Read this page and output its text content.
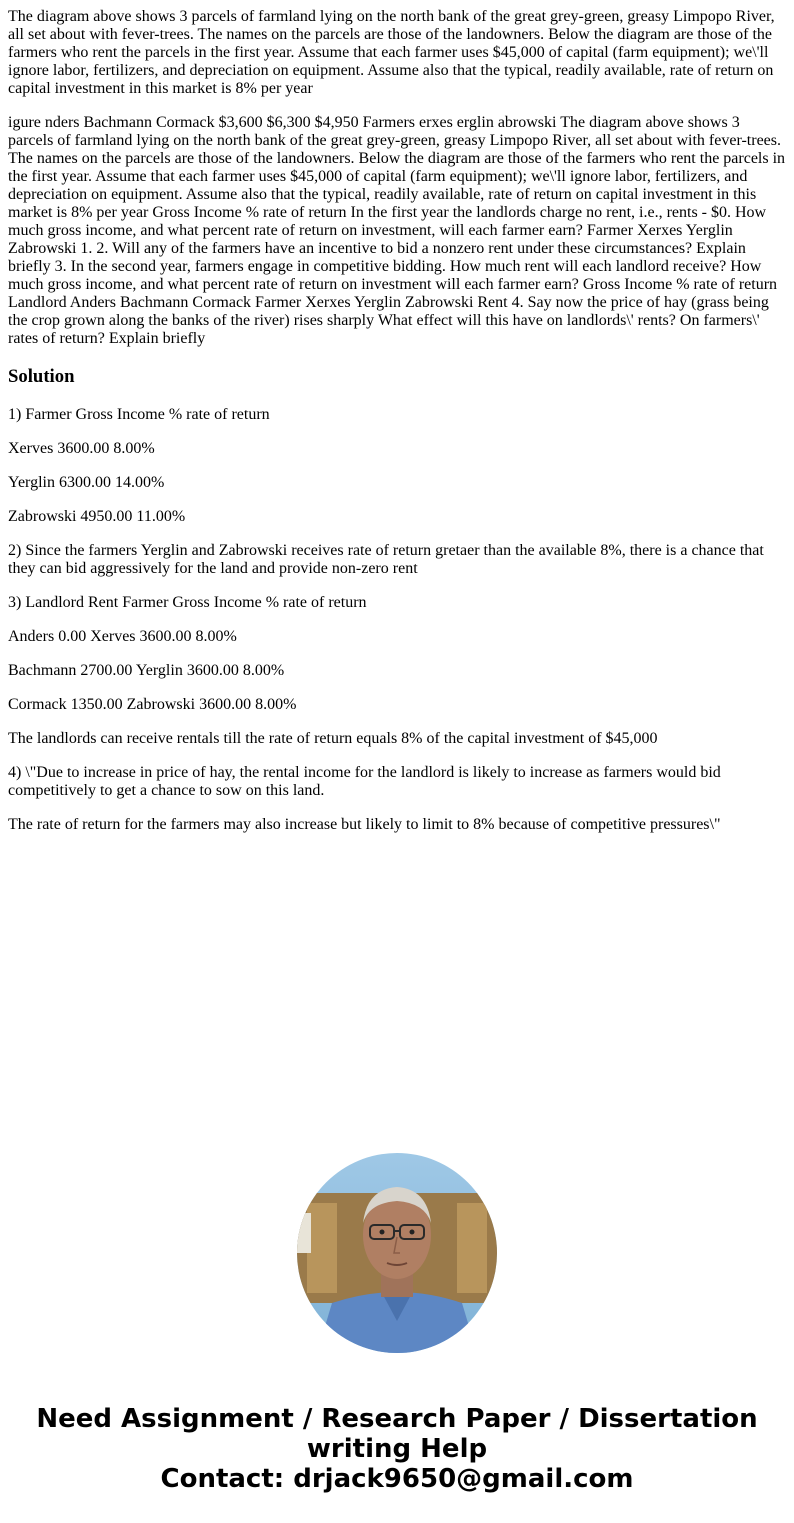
The diagram above shows 3 parcels of farmland lying on the north bank of the great grey-green, greasy Limpopo River, all set about with fever-trees. The names on the parcels are those of the landowners. Below the diagram are those of the farmers who rent the parcels in the first year. Assume that each farmer uses $45,000 of capital (farm equipment); we\'ll ignore labor, fertilizers, and depreciation on equipment. Assume also that the typical, readily available, rate of return on capital investment in this market is 8% per year

igure nders Bachmann Cormack $3,600 $6,300 $4,950 Farmers erxes erglin abrowski The diagram above shows 3 parcels of farmland lying on the north bank of the great grey-green, greasy Limpopo River, all set about with fever-trees. The names on the parcels are those of the landowners. Below the diagram are those of the farmers who rent the parcels in the first year. Assume that each farmer uses $45,000 of capital (farm equipment); we\'ll ignore labor, fertilizers, and depreciation on equipment. Assume also that the typical, readily available, rate of return on capital investment in this market is 8% per year Gross Income % rate of return In the first year the landlords charge no rent, i.e., rents - $0. How much gross income, and what percent rate of return on investment, will each farmer earn? Farmer Xerxes Yerglin Zabrowski 1. 2. Will any of the farmers have an incentive to bid a nonzero rent under these circumstances? Explain briefly 3. In the second year, farmers engage in competitive bidding. How much rent will each landlord receive? How much gross income, and what percent rate of return on investment will each farmer earn? Gross Income % rate of return Landlord Anders Bachmann Cormack Farmer Xerxes Yerglin Zabrowski Rent 4. Say now the price of hay (grass being the crop grown along the banks of the river) rises sharply What effect will this have on landlords\' rents? On farmers\' rates of return? Explain briefly

Solution

1) Farmer Gross Income % rate of return

Xerves 3600.00 8.00%

Yerglin 6300.00 14.00%

Zabrowski 4950.00 11.00%

2) Since the farmers Yerglin and Zabrowski receives rate of return gretaer than the available 8%, there is a chance that they can bid aggressively for the land and provide non-zero rent

3) Landlord Rent Farmer Gross Income % rate of return

Anders 0.00 Xerves 3600.00 8.00%

Bachmann 2700.00 Yerglin 3600.00 8.00%

Cormack 1350.00 Zabrowski 3600.00 8.00%

The landlords can receive rentals till the rate of return equals 8% of the capital investment of $45,000

4) \"Due to increase in price of hay, the rental income for the landlord is likely to increase as farmers would bid competitively to get a chance to sow on this land.

The rate of return for the farmers may also increase but likely to limit to 8% because of competitive pressures\"

Need Assignment / Research Paper / Dissertation
writing Help
Contact: drjack9650@gmail.com
